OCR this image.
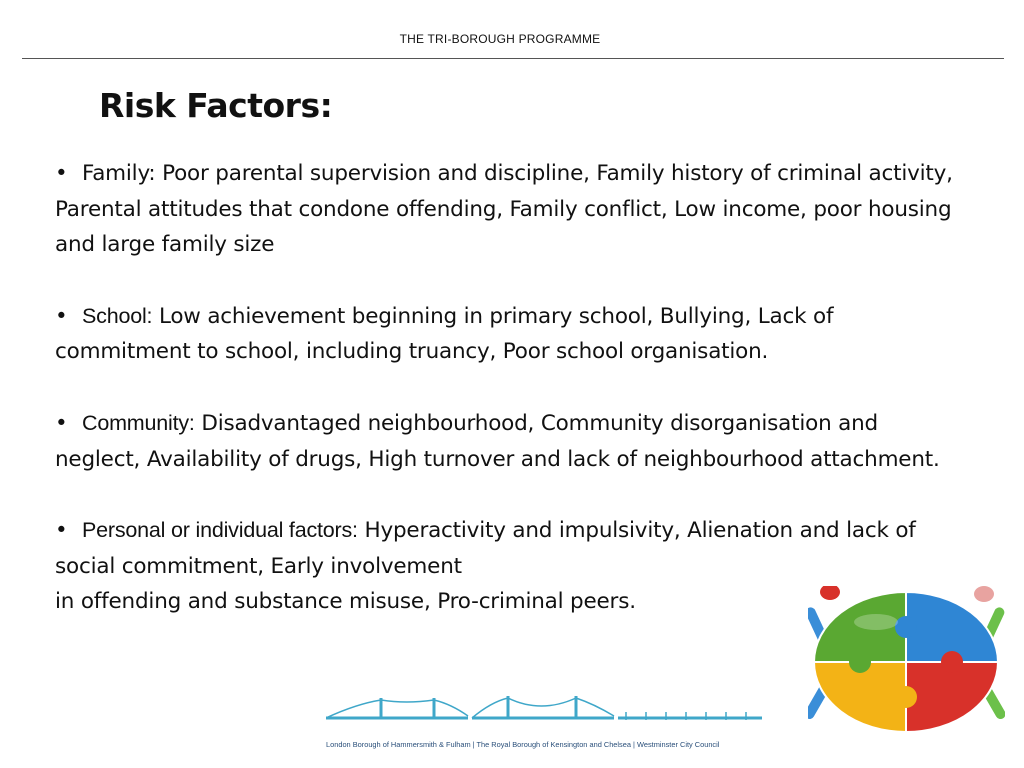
THE TRI-BOROUGH PROGRAMME
Risk Factors:

• Family: Poor parental supervision and discipline, Family history of criminal activity, Parental attitudes that condone offending, Family conflict, Low income, poor housing and large family size

• School: Low achievement beginning in primary school, Bullying, Lack of commitment to school, including truancy, Poor school organisation.

• Community: Disadvantaged neighbourhood, Community disorganisation and neglect, Availability of drugs, High turnover and lack of neighbourhood attachment.

• Personal or individual factors: Hyperactivity and impulsivity, Alienation and lack of social commitment, Early involvement
in offending and substance misuse, Pro-criminal peers.

London Borough of Hammersmith & Fulham | The Royal Borough of Kensington and Chelsea | Westminster City Council
